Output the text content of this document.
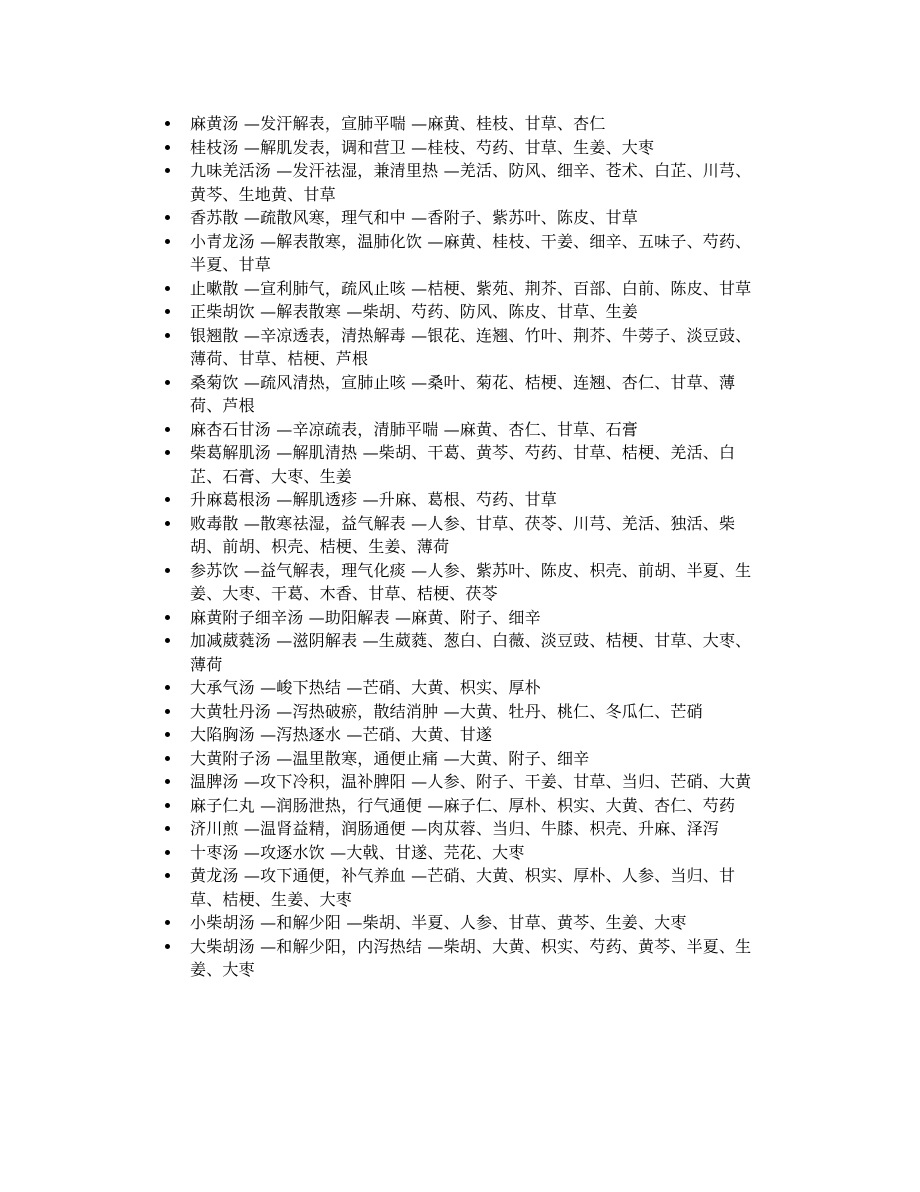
麻黄汤 —发汗解表，宣肺平喘 —麻黄、桂枝、甘草、杏仁
桂枝汤 —解肌发表，调和营卫 —桂枝、芍药、甘草、生姜、大枣
九味羌活汤 —发汗祛湿，兼清里热 —羌活、防风、细辛、苍术、白芷、川芎、黄芩、生地黄、甘草
香苏散 —疏散风寒，理气和中 —香附子、紫苏叶、陈皮、甘草
小青龙汤 —解表散寒，温肺化饮 —麻黄、桂枝、干姜、细辛、五味子、芍药、半夏、甘草
止嗽散 —宣利肺气，疏风止咳 —桔梗、紫苑、荆芥、百部、白前、陈皮、甘草
正柴胡饮 —解表散寒 —柴胡、芍药、防风、陈皮、甘草、生姜
银翘散 —辛凉透表，清热解毒 —银花、连翘、竹叶、荆芥、牛蒡子、淡豆豉、薄荷、甘草、桔梗、芦根
桑菊饮 —疏风清热，宣肺止咳 —桑叶、菊花、桔梗、连翘、杏仁、甘草、薄荷、芦根
麻杏石甘汤 —辛凉疏表，清肺平喘 —麻黄、杏仁、甘草、石膏
柴葛解肌汤 —解肌清热 —柴胡、干葛、黄芩、芍药、甘草、桔梗、羌活、白芷、石膏、大枣、生姜
升麻葛根汤 —解肌透疹 —升麻、葛根、芍药、甘草
败毒散 —散寒祛湿，益气解表 —人参、甘草、茯苓、川芎、羌活、独活、柴胡、前胡、枳壳、桔梗、生姜、薄荷
参苏饮 —益气解表，理气化痰 —人参、紫苏叶、陈皮、枳壳、前胡、半夏、生姜、大枣、干葛、木香、甘草、桔梗、茯苓
麻黄附子细辛汤 —助阳解表 —麻黄、附子、细辛
加减葳蕤汤 —滋阴解表 —生葳蕤、葱白、白薇、淡豆豉、桔梗、甘草、大枣、薄荷
大承气汤 —峻下热结 —芒硝、大黄、枳实、厚朴
大黄牡丹汤 —泻热破瘀，散结消肿 —大黄、牡丹、桃仁、冬瓜仁、芒硝
大陷胸汤 —泻热逐水 —芒硝、大黄、甘遂
大黄附子汤 —温里散寒，通便止痛 —大黄、附子、细辛
温脾汤 —攻下冷积，温补脾阳 —人参、附子、干姜、甘草、当归、芒硝、大黄
麻子仁丸 —润肠泄热，行气通便 —麻子仁、厚朴、枳实、大黄、杏仁、芍药
济川煎 —温肾益精，润肠通便 —肉苁蓉、当归、牛膝、枳壳、升麻、泽泻
十枣汤 —攻逐水饮 —大戟、甘遂、芫花、大枣
黄龙汤 —攻下通便，补气养血 —芒硝、大黄、枳实、厚朴、人参、当归、甘草、桔梗、生姜、大枣
小柴胡汤 —和解少阳 —柴胡、半夏、人参、甘草、黄芩、生姜、大枣
大柴胡汤 —和解少阳，内泻热结 —柴胡、大黄、枳实、芍药、黄芩、半夏、生姜、大枣
